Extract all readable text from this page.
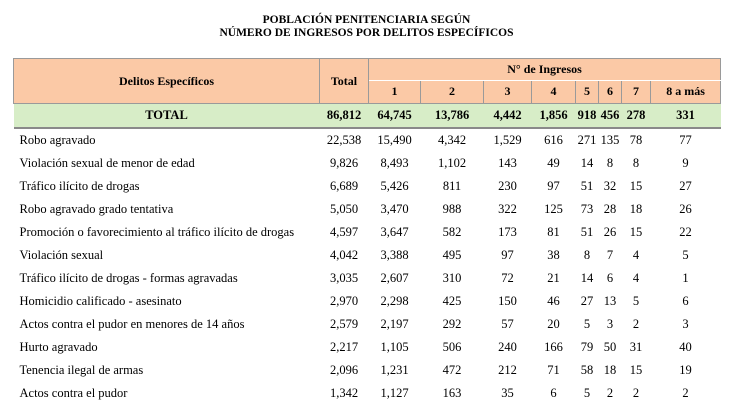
POBLACIÓN PENITENCIARIA SEGÚN
NÚMERO DE INGRESOS POR DELITOS ESPECÍFICOS
Delitos Específicos	Total	N° de Ingresos							
		1	2	3	4	5	6	7	8 a más
TOTAL	86,812	64,745	13,786	4,442	1,856	918	456	278	331
Robo agravado	22,538	15,490	4,342	1,529	616	271	135	78	77
Violación sexual de menor de edad	9,826	8,493	1,102	143	49	14	8	8	9
Tráfico ilícito de drogas	6,689	5,426	811	230	97	51	32	15	27
Robo agravado grado tentativa	5,050	3,470	988	322	125	73	28	18	26
Promoción o favorecimiento al tráfico ilícito de drogas	4,597	3,647	582	173	81	51	26	15	22
Violación sexual	4,042	3,388	495	97	38	8	7	4	5
Tráfico ilícito de drogas - formas agravadas	3,035	2,607	310	72	21	14	6	4	1
Homicidio calificado - asesinato	2,970	2,298	425	150	46	27	13	5	6
Actos contra el pudor en menores de 14 años	2,579	2,197	292	57	20	5	3	2	3
Hurto agravado	2,217	1,105	506	240	166	79	50	31	40
Tenencia ilegal de armas	2,096	1,231	472	212	71	58	18	15	19
Actos contra el pudor	1,342	1,127	163	35	6	5	2	2	2
